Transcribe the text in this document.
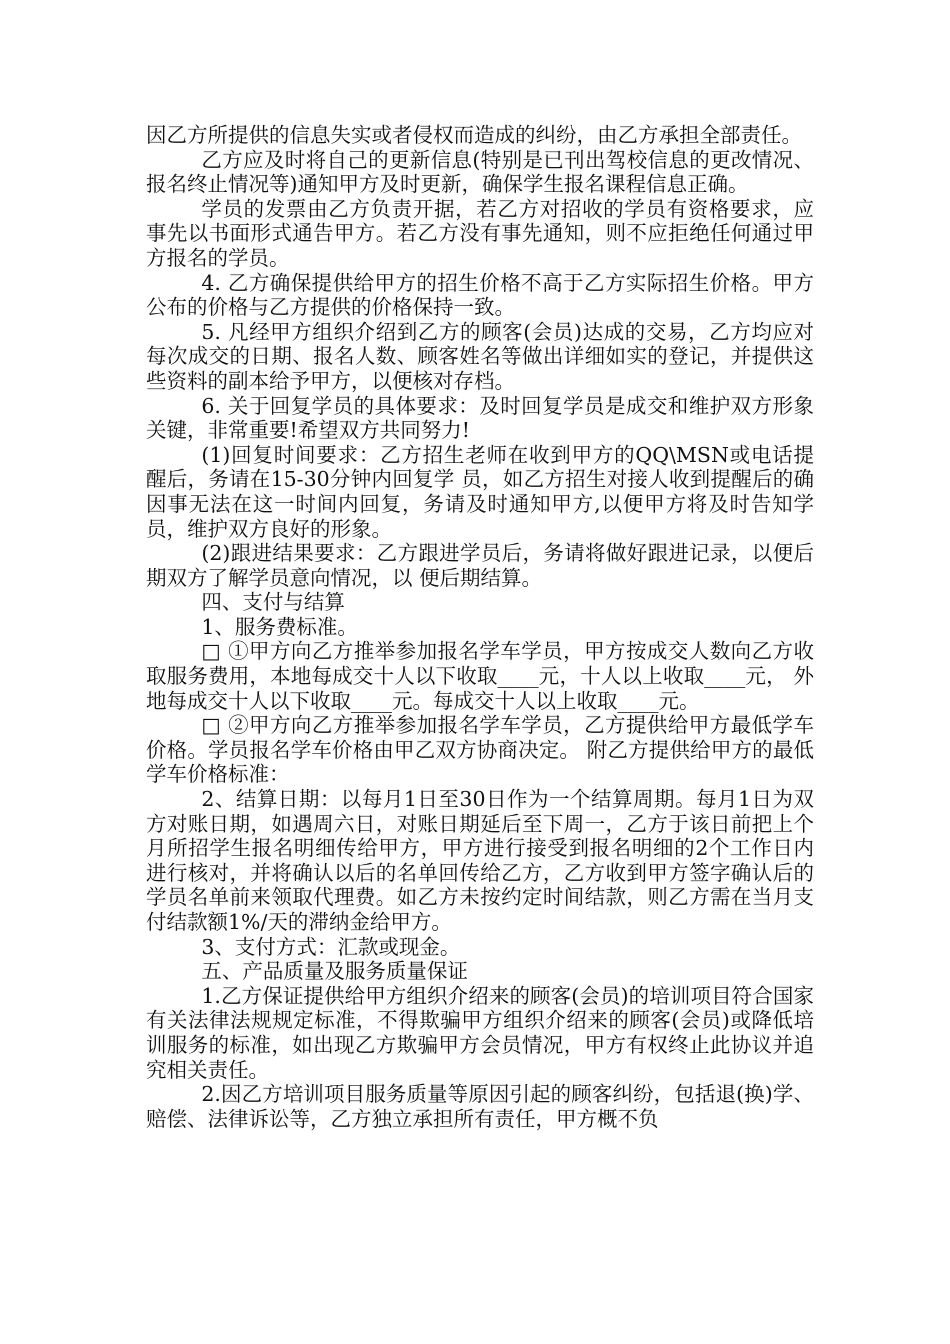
因乙方所提供的信息失实或者侵权而造成的纠纷，由乙方承担全部责任。

乙方应及时将自己的更新信息(特别是已刊出驾校信息的更改情况、报名终止情况等)通知甲方及时更新，确保学生报名课程信息正确。

学员的发票由乙方负责开据，若乙方对招收的学员有资格要求，应事先以书面形式通告甲方。若乙方没有事先通知，则不应拒绝任何通过甲方报名的学员。

4. 乙方确保提供给甲方的招生价格不高于乙方实际招生价格。甲方公布的价格与乙方提供的价格保持一致。

5. 凡经甲方组织介绍到乙方的顾客(会员)达成的交易，乙方均应对每次成交的日期、报名人数、顾客姓名等做出详细如实的登记，并提供这些资料的副本给予甲方，以便核对存档。

6. 关于回复学员的具体要求：及时回复学员是成交和维护双方形象关键，非常重要!希望双方共同努力!

(1)回复时间要求：乙方招生老师在收到甲方的QQ\MSN或电话提醒后，务请在15-30分钟内回复学 员，如乙方招生对接人收到提醒后的确因事无法在这一时间内回复，务请及时通知甲方,以便甲方将及时告知学员，维护双方良好的形象。

(2)跟进结果要求：乙方跟进学员后，务请将做好跟进记录，以便后期双方了解学员意向情况，以 便后期结算。

四、支付与结算

1、服务费标准。

□ ①甲方向乙方推举参加报名学车学员，甲方按成交人数向乙方收取服务费用，本地每成交十人以下收取____元，十人以上收取____元， 外地每成交十人以下收取____元。每成交十人以上收取____元。

□ ②甲方向乙方推举参加报名学车学员，乙方提供给甲方最低学车价格。学员报名学车价格由甲乙双方协商决定。 附乙方提供给甲方的最低学车价格标准：

2、结算日期：以每月1日至30日作为一个结算周期。每月1日为双方对账日期，如遇周六日，对账日期延后至下周一，乙方于该日前把上个月所招学生报名明细传给甲方，甲方进行接受到报名明细的2个工作日内进行核对，并将确认以后的名单回传给乙方，乙方收到甲方签字确认后的学员名单前来领取代理费。如乙方未按约定时间结款，则乙方需在当月支付结款额1%/天的滞纳金给甲方。

3、支付方式：汇款或现金。

五、产品质量及服务质量保证

1.乙方保证提供给甲方组织介绍来的顾客(会员)的培训项目符合国家有关法律法规规定标准，不得欺骗甲方组织介绍来的顾客(会员)或降低培训服务的标准，如出现乙方欺骗甲方会员情况，甲方有权终止此协议并追究相关责任。

2.因乙方培训项目服务质量等原因引起的顾客纠纷，包括退(换)学、赔偿、法律诉讼等，乙方独立承担所有责任，甲方概不负
